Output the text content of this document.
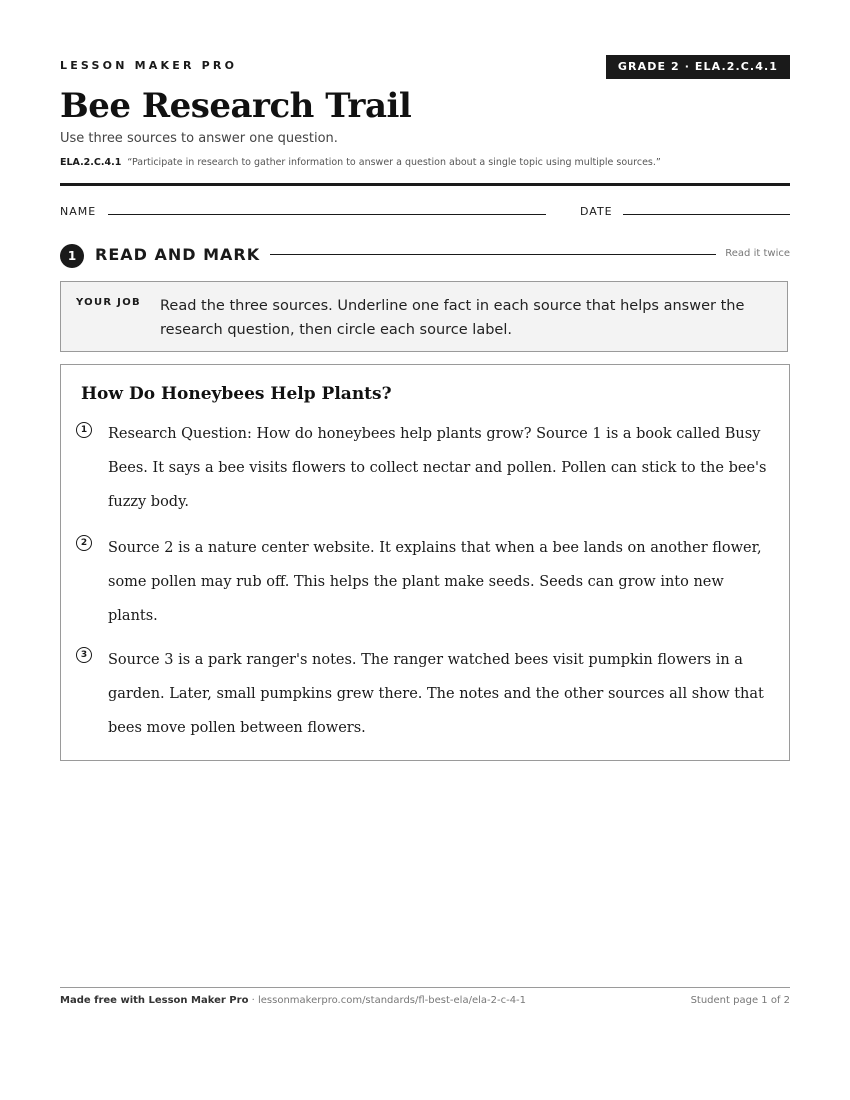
LESSON MAKER PRO	GRADE 2 · ELA.2.C.4.1
Bee Research Trail
Use three sources to answer one question.
ELA.2.C.4.1 “Participate in research to gather information to answer a question about a single topic using multiple sources.”
NAME	DATE
1	READ AND MARK	Read it twice
YOUR JOB Read the three sources. Underline one fact in each source that helps answer the research question, then circle each source label.
How Do Honeybees Help Plants?
1	Research Question: How do honeybees help plants grow? Source 1 is a book called Busy Bees. It says a bee visits flowers to collect nectar and pollen. Pollen can stick to the bee's fuzzy body.

2	Source 2 is a nature center website. It explains that when a bee lands on another flower, some pollen may rub off. This helps the plant make seeds. Seeds can grow into new plants.

3	Source 3 is a park ranger's notes. The ranger watched bees visit pumpkin flowers in a garden. Later, small pumpkins grew there. The notes and the other sources all show that bees move pollen between flowers.

Made free with Lesson Maker Pro · lessonmakerpro.com/standards/fl-best-ela/ela-2-c-4-1	Student page 1 of 2
